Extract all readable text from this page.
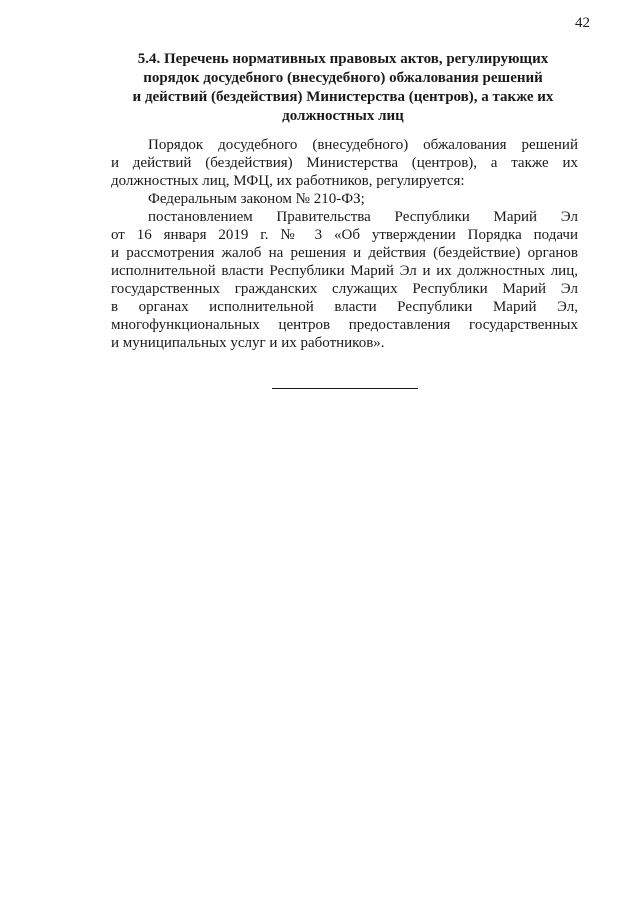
42
5.4. Перечень нормативных правовых актов, регулирующих
порядок досудебного (внесудебного) обжалования решений
и действий (бездействия) Министерства (центров), а также их
должностных лиц
Порядок досудебного (внесудебного) обжалования решений
и действий (бездействия) Министерства (центров), а также их
должностных лиц, МФЦ, их работников, регулируется:
Федеральным законом № 210-ФЗ;
постановлением Правительства Республики Марий Эл
от 16 января 2019 г. № 3 «Об утверждении Порядка подачи
и рассмотрения жалоб на решения и действия (бездействие) органов
исполнительной власти Республики Марий Эл и их должностных лиц,
государственных гражданских служащих Республики Марий Эл
в органах исполнительной власти Республики Марий Эл,
многофункциональных центров предоставления государственных
и муниципальных услуг и их работников».
